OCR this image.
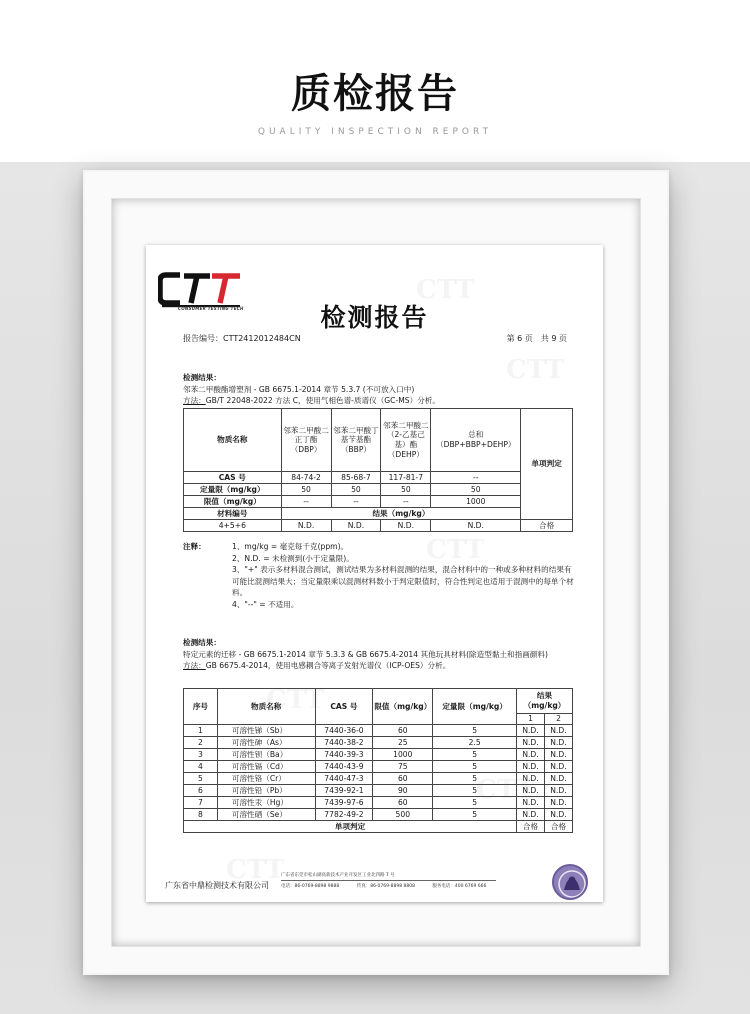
质检报告
QUALITY INSPECTION REPORT
CONSUMER TESTING TECH	检测报告
报告编号：CTT2412012484CN	第 6 页　共 9 页
检测结果：
邻苯二甲酸酯增塑剂 - GB 6675.1-2014 章节 5.3.7 (不可放入口中)
方法：GB/T 22048-2022 方法 C，使用气相色谱-质谱仪（GC-MS）分析。
物质名称	邻苯二甲酸二正丁酯（DBP）	邻苯二甲酸丁基苄基酯（BBP）	邻苯二甲酸二（2-乙基己基）酯（DEHP）	总和（DBP+BBP+DEHP）	单项判定
CAS 号	84-74-2	85-68-7	117-81-7	--	
定量限（mg/kg）	50	50	50	50	
限值（mg/kg）	--	--	--	1000	
材料编号	结果（mg/kg）				
4+5+6	N.D.	N.D.	N.D.	N.D.	合格
注释：	1、mg/kg = 毫克每千克(ppm)。
2、N.D. = 未检测到(小于定量限)。
3、"+" 表示多材料混合测试，测试结果为多材料混测的结果，混合材料中的一种或多种材料的结果有可能比混测结果大；当定量限乘以混测材料数小于判定限值时，符合性判定也适用于混测中的每单个材料。
4、"--" = 不适用。
检测结果：
特定元素的迁移 - GB 6675.1-2014 章节 5.3.3 & GB 6675.4-2014 其他玩具材料(除造型黏土和指画颜料)
方法：GB 6675.4-2014，使用电感耦合等离子发射光谱仪（ICP-OES）分析。
序号	物质名称	CAS 号	限值（mg/kg）	定量限（mg/kg）	结果（mg/kg）	
					1	2
1	可溶性锑（Sb）	7440-36-0	60	5	N.D.	N.D.
2	可溶性砷（As）	7440-38-2	25	2.5	N.D.	N.D.
3	可溶性钡（Ba）	7440-39-3	1000	5	N.D.	N.D.
4	可溶性镉（Cd）	7440-43-9	75	5	N.D.	N.D.
5	可溶性铬（Cr）	7440-47-3	60	5	N.D.	N.D.
6	可溶性铅（Pb）	7439-92-1	90	5	N.D.	N.D.
7	可溶性汞（Hg）	7439-97-6	60	5	N.D.	N.D.
8	可溶性硒（Se）	7782-49-2	500	5	N.D.	N.D.
单项判定					合格	合格
广东省中鼎检测技术有限公司
广东省东莞市松山湖高新技术产业开发区工业北四路 7 号
电话：86-0769-8898 9888	传真：86-0769-8898 8808	服务电话：400 6769 666
